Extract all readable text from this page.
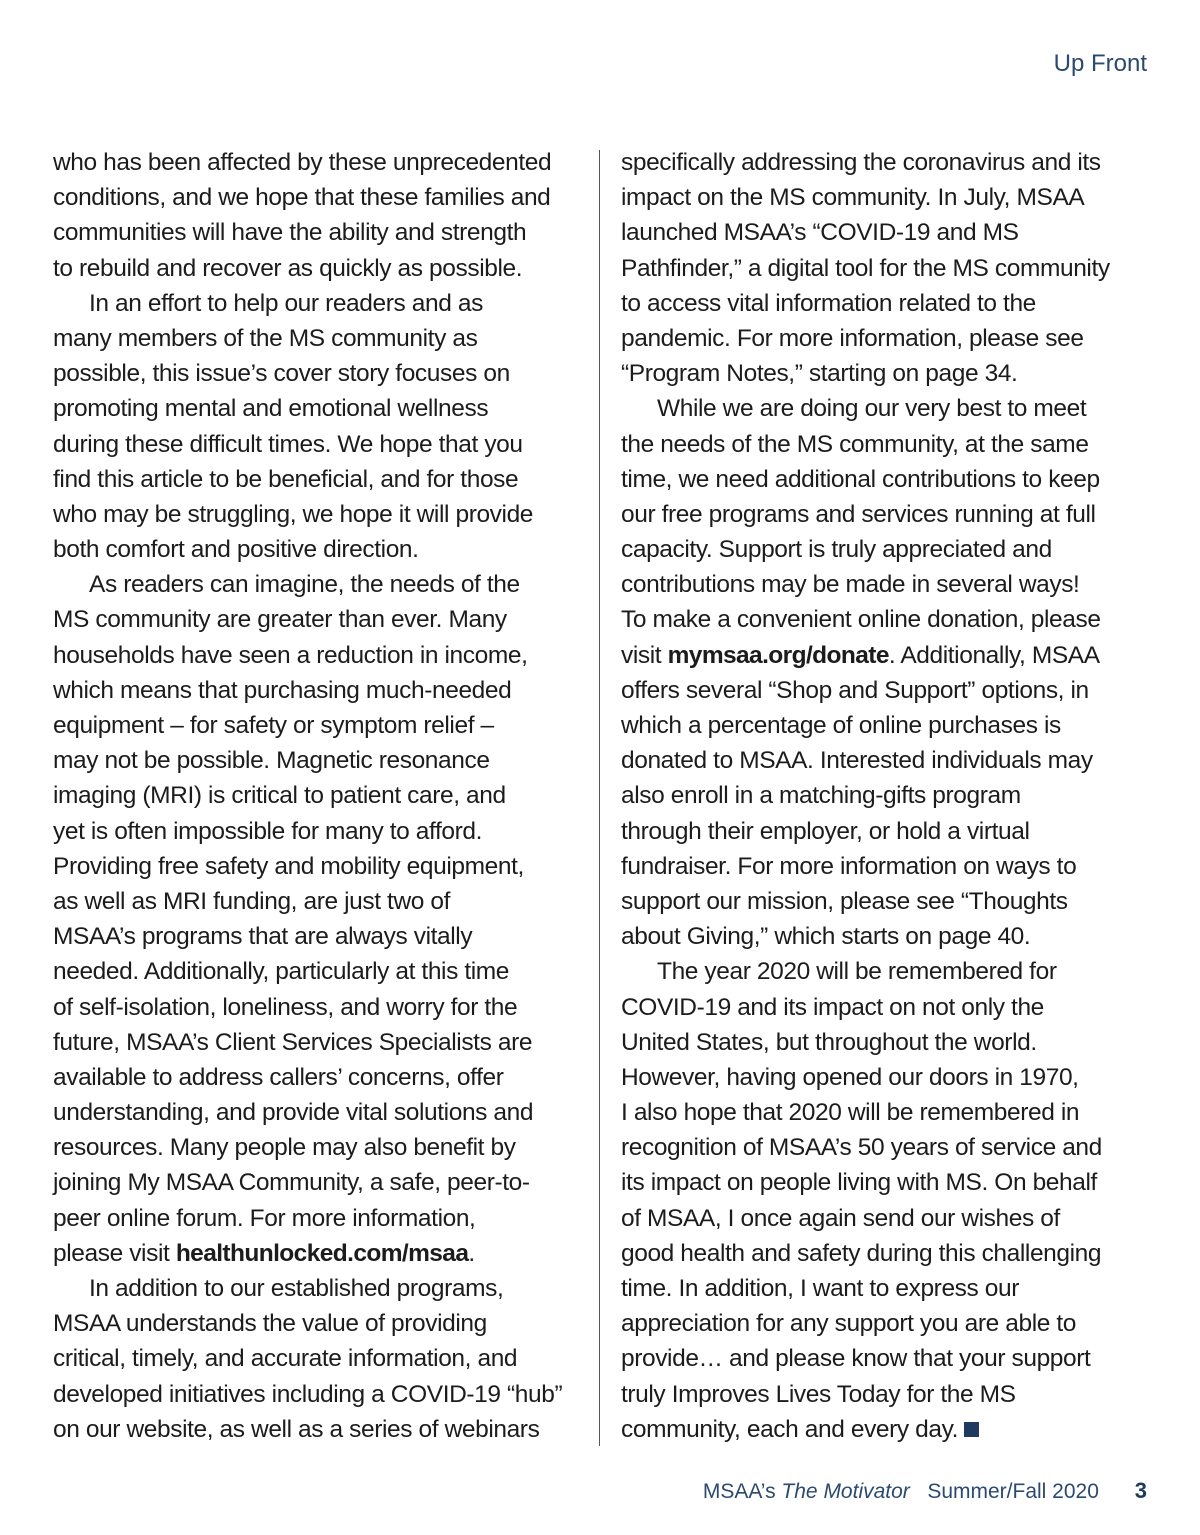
Up Front
who has been affected by these unprecedented
conditions, and we hope that these families and
communities will have the ability and strength
to rebuild and recover as quickly as possible.
In an effort to help our readers and as
many members of the MS community as
possible, this issue’s cover story focuses on
promoting mental and emotional wellness
during these difficult times. We hope that you
find this article to be beneficial, and for those
who may be struggling, we hope it will provide
both comfort and positive direction.
As readers can imagine, the needs of the
MS community are greater than ever. Many
households have seen a reduction in income,
which means that purchasing much-needed
equipment – for safety or symptom relief –
may not be possible. Magnetic resonance
imaging (MRI) is critical to patient care, and
yet is often impossible for many to afford.
Providing free safety and mobility equipment,
as well as MRI funding, are just two of
MSAA’s programs that are always vitally
needed. Additionally, particularly at this time
of self-isolation, loneliness, and worry for the
future, MSAA’s Client Services Specialists are
available to address callers’ concerns, offer
understanding, and provide vital solutions and
resources. Many people may also benefit by
joining My MSAA Community, a safe, peer-to-
peer online forum. For more information,
please visit healthunlocked.com/msaa.
In addition to our established programs,
MSAA understands the value of providing
critical, timely, and accurate information, and
developed initiatives including a COVID-19 “hub”
on our website, as well as a series of webinars
specifically addressing the coronavirus and its
impact on the MS community. In July, MSAA
launched MSAA’s “COVID-19 and MS
Pathfinder,” a digital tool for the MS community
to access vital information related to the
pandemic. For more information, please see
“Program Notes,” starting on page 34.
While we are doing our very best to meet
the needs of the MS community, at the same
time, we need additional contributions to keep
our free programs and services running at full
capacity. Support is truly appreciated and
contributions may be made in several ways!
To make a convenient online donation, please
visit mymsaa.org/donate. Additionally, MSAA
offers several “Shop and Support” options, in
which a percentage of online purchases is
donated to MSAA. Interested individuals may
also enroll in a matching-gifts program
through their employer, or hold a virtual
fundraiser. For more information on ways to
support our mission, please see “Thoughts
about Giving,” which starts on page 40.
The year 2020 will be remembered for
COVID-19 and its impact on not only the
United States, but throughout the world.
However, having opened our doors in 1970,
I also hope that 2020 will be remembered in
recognition of MSAA’s 50 years of service and
its impact on people living with MS. On behalf
of MSAA, I once again send our wishes of
good health and safety during this challenging
time. In addition, I want to express our
appreciation for any support you are able to
provide… and please know that your support
truly Improves Lives Today for the MS
community, each and every day.
MSAA’s The Motivator Summer/Fall 2020 3
